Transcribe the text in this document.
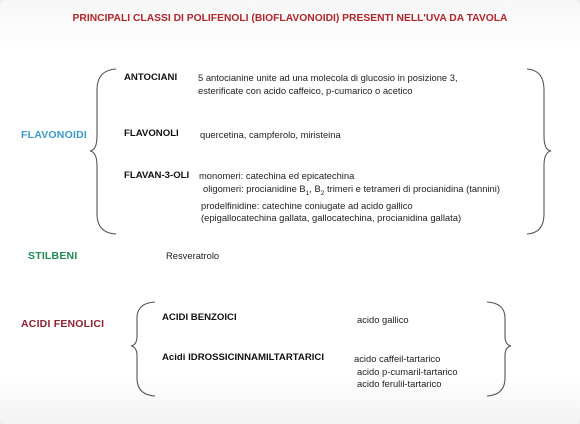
PRINCIPALI CLASSI DI POLIFENOLI (BIOFLAVONOIDI) PRESENTI NELL'UVA DA TAVOLA
FLAVONOIDI
ANTOCIANI 5 antocianine unite ad una molecola di glucosio in posizione 3,
esterificate con acido caffeico, p-cumarico o acetico
FLAVONOLI quercetina, campferolo, miristeina
FLAVAN-3-OLI monomeri: catechina ed epicatechina
oligomeri: procianidine $B_1$, $B_2$ trimeri e tetrameri di procianidina (tannini)
prodelfinidine: catechine coniugate ad acido gallico
(epigallocatechina gallata, gallocatechina, procianidina gallata)
STILBENI	Resveratrolo
ACIDI FENOLICI
ACIDI BENZOICI	acido gallico
Acidi IDROSSICINNAMILTARTARICI	acido caffeil-tartarico
acido p-cumaril-tartarico
acido ferulil-tartarico
